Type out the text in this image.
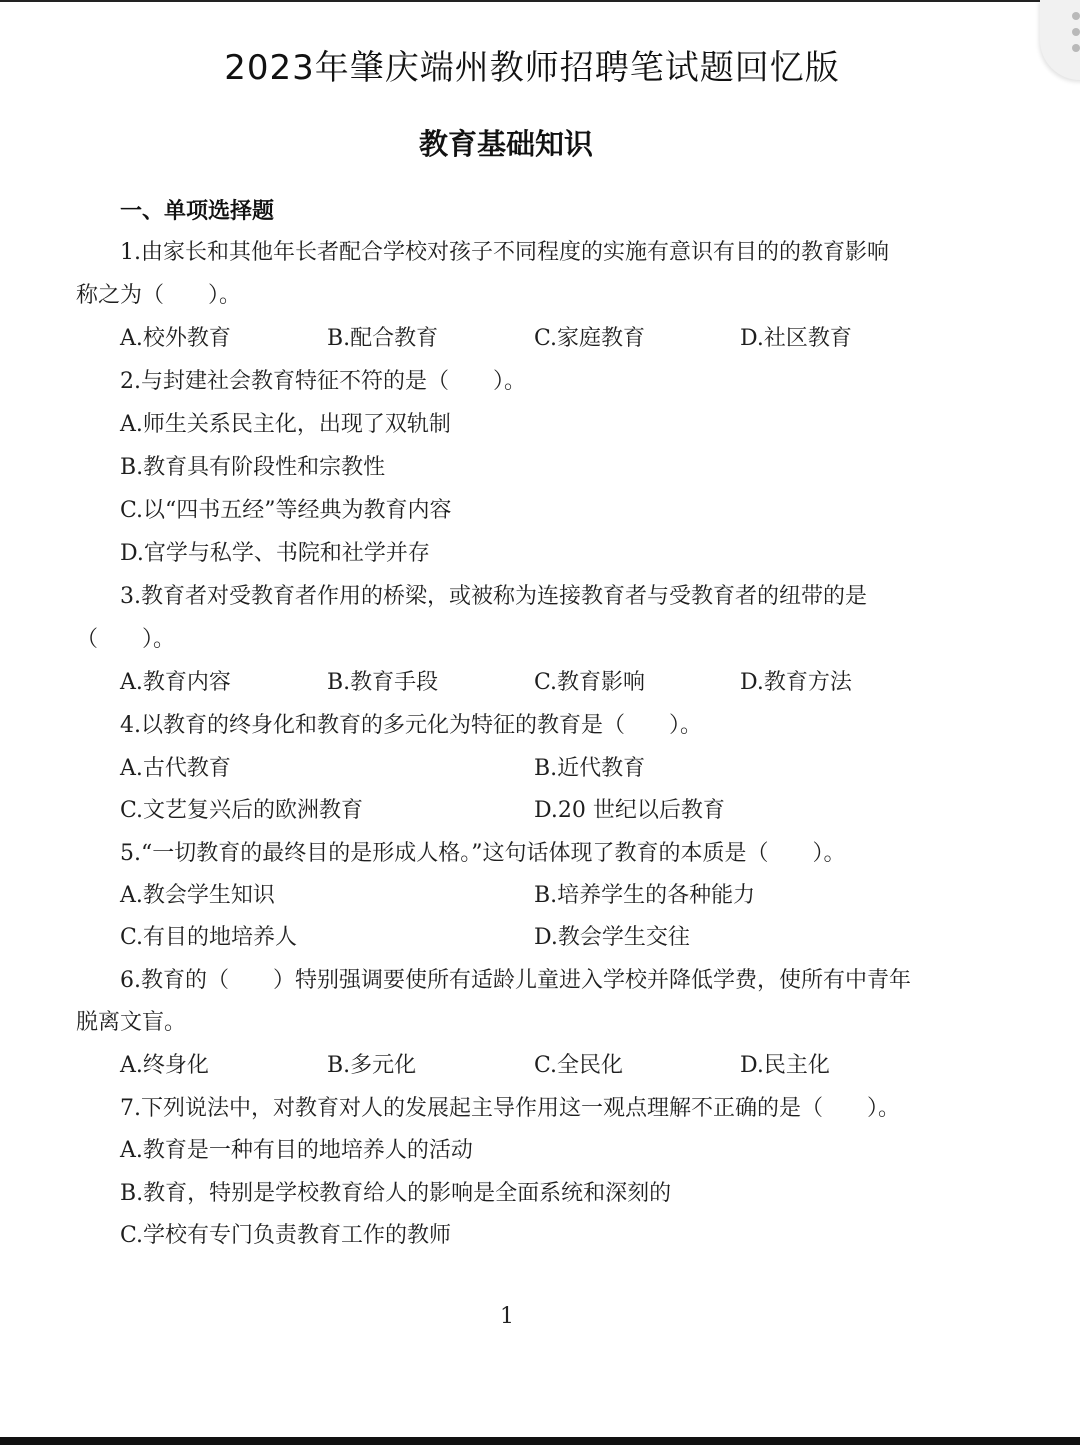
2023年肇庆端州教师招聘笔试题回忆版
教育基础知识
一、单项选择题
1.由家长和其他年长者配合学校对孩子不同程度的实施有意识有目的的教育影响
称之为（　　）。
A.校外教育	B.配合教育	C.家庭教育	D.社区教育
2.与封建社会教育特征不符的是（　　）。
A.师生关系民主化，出现了双轨制
B.教育具有阶段性和宗教性
C.以“四书五经”等经典为教育内容
D.官学与私学、书院和社学并存
3.教育者对受教育者作用的桥梁，或被称为连接教育者与受教育者的纽带的是
（　　）。
A.教育内容	B.教育手段	C.教育影响	D.教育方法
4.以教育的终身化和教育的多元化为特征的教育是（　　）。
A.古代教育	B.近代教育
C.文艺复兴后的欧洲教育	D.20 世纪以后教育
5.“一切教育的最终目的是形成人格。”这句话体现了教育的本质是（　　）。
A.教会学生知识	B.培养学生的各种能力
C.有目的地培养人	D.教会学生交往
6.教育的（　　）特别强调要使所有适龄儿童进入学校并降低学费，使所有中青年
脱离文盲。
A.终身化	B.多元化	C.全民化	D.民主化
7.下列说法中，对教育对人的发展起主导作用这一观点理解不正确的是（　　）。
A.教育是一种有目的地培养人的活动
B.教育，特别是学校教育给人的影响是全面系统和深刻的
C.学校有专门负责教育工作的教师
1
